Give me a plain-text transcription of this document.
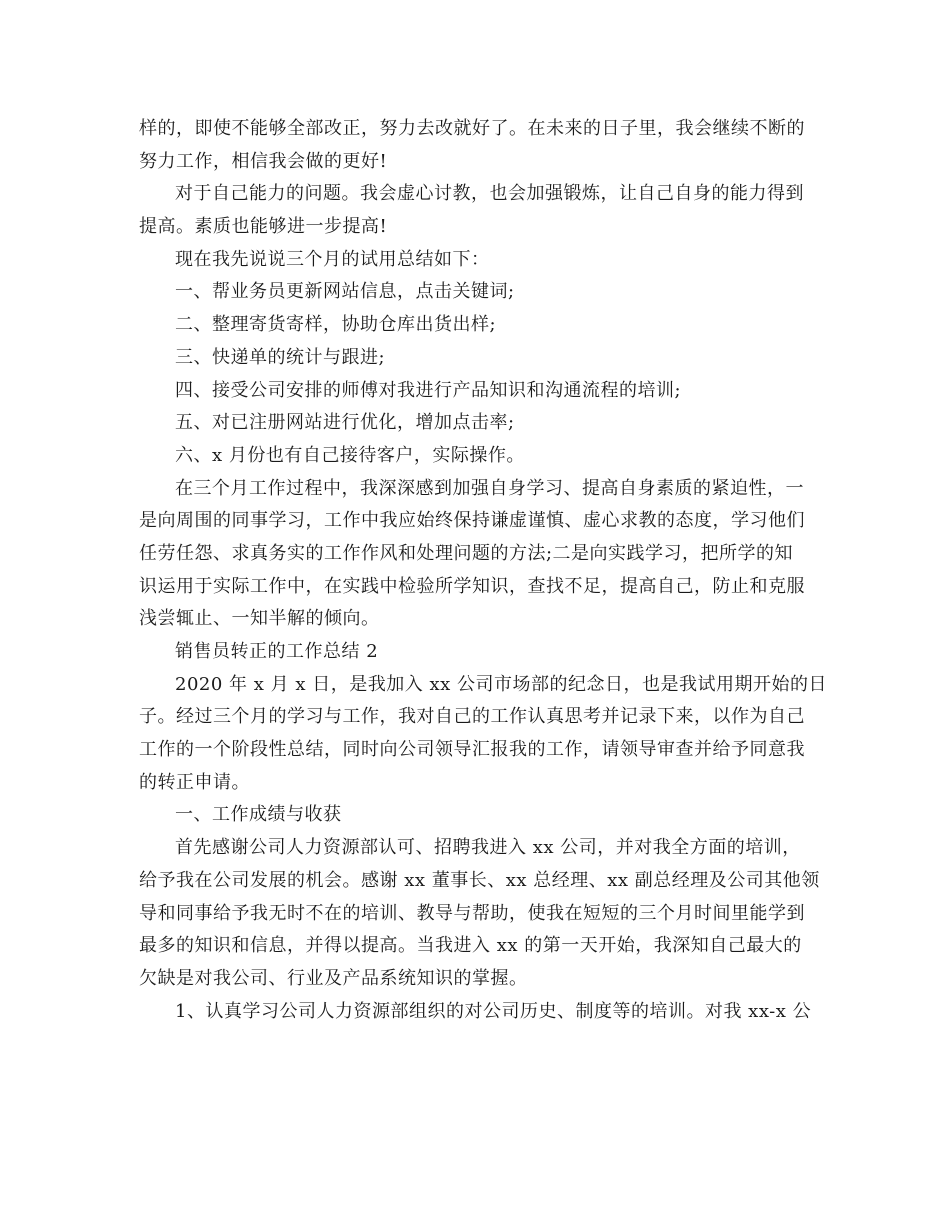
样的，即使不能够全部改正，努力去改就好了。在未来的日子里，我会继续不断的
努力工作，相信我会做的更好!
对于自己能力的问题。我会虚心讨教，也会加强锻炼，让自己自身的能力得到
提高。素质也能够进一步提高!
现在我先说说三个月的试用总结如下：
一、帮业务员更新网站信息，点击关键词;
二、整理寄货寄样，协助仓库出货出样;
三、快递单的统计与跟进;
四、接受公司安排的师傅对我进行产品知识和沟通流程的培训;
五、对已注册网站进行优化，增加点击率;
六、x 月份也有自己接待客户，实际操作。
在三个月工作过程中，我深深感到加强自身学习、提高自身素质的紧迫性，一
是向周围的同事学习，工作中我应始终保持谦虚谨慎、虚心求教的态度，学习他们
任劳任怨、求真务实的工作作风和处理问题的方法;二是向实践学习，把所学的知
识运用于实际工作中，在实践中检验所学知识，查找不足，提高自己，防止和克服
浅尝辄止、一知半解的倾向。
销售员转正的工作总结 2
2020 年 x 月 x 日，是我加入 xx 公司市场部的纪念日，也是我试用期开始的日
子。经过三个月的学习与工作，我对自己的工作认真思考并记录下来，以作为自己
工作的一个阶段性总结，同时向公司领导汇报我的工作，请领导审查并给予同意我
的转正申请。
一、工作成绩与收获
首先感谢公司人力资源部认可、招聘我进入 xx 公司，并对我全方面的培训，
给予我在公司发展的机会。感谢 xx 董事长、xx 总经理、xx 副总经理及公司其他领
导和同事给予我无时不在的培训、教导与帮助，使我在短短的三个月时间里能学到
最多的知识和信息，并得以提高。当我进入 xx 的第一天开始，我深知自己最大的
欠缺是对我公司、行业及产品系统知识的掌握。
1、认真学习公司人力资源部组织的对公司历史、制度等的培训。对我 xx-x 公
